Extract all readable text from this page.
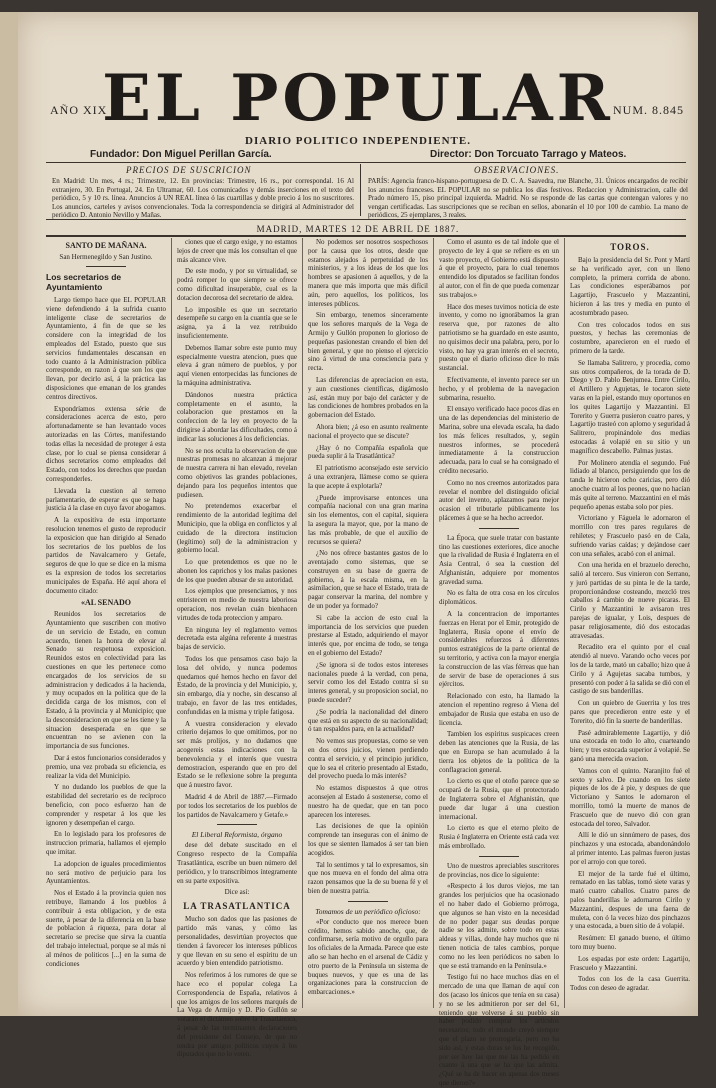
AÑO XIX
EL POPULAR NUM. 8.845
DIARIO POLITICO INDEPENDIENTE.
Fundador: Don Miguel Perillan García.	Director: Don Torcuato Tarrago y Mateos.
PRECIOS DE SUSCRICION
En Madrid: Un mes, 4 rs.; Trimestre, 12. En provincias: Trimestre, 16 rs., por correspondal. 16 Al extranjero, 30. En Portugal, 24. En Ultramar, 60. Los comunicados y demás inserciones en el texto del periódico, 5 y 10 rs. línea. Anuncios á UN REAL línea ó las cuartillas y doble precio á los no suscritores. Los anuncios, carteles y avisos convencionales. Toda la correspondencia se dirigirá al Administrador del periódico D. Antonio Nevillo y Mañas.
OBSERVACIONES.
PARÍS: Agencia franco-hispano-portuguesa de D. C. A. Saavedra, rue Blanche, 31. Únicos encargados de recibir los anuncios franceses. EL POPULAR no se publica los días festivos. Redaccion y Administracion, calle del Prado número 15, piso principal izquierda. Madrid. No se responde de las cartas que contengan valores y no vengan certificadas. Las suscripciones que se reciban en sellos, abonarán el 10 por 100 de cambio. La mano de periódicos, 25 ejemplares, 3 reales.
MADRID, MARTES 12 DE ABRIL DE 1887.
SANTO DE MAÑANA.
San Hermenegildo y San Justino.
Los secretarios de Ayuntamiento

Largo tiempo hace que EL POPULAR viene defendiendo á la sufrida cuanto inteligente clase de secretarios de Ayuntamiento, á fin de que se les considere con la integridad de los empleados del Estado, puesto que sus servicios fundamentales descansan en todo cuanto á la Administracion pública corresponde, en razon á que son los que llevan, por decirlo así, á la práctica las disposiciones que emanan de los grandes centros directivos.

Expondríamos extensa série de consideraciones acerca de esto, pero afortunadamente se han levantado voces autorizadas en las Córtes, manifestando todas ellas la necesidad de proteger á esta clase, por lo cual se piensa considerar á dichos secretarios como empleados del Estado, con todos los derechos que puedan corresponderles.

Llevada la cuestion al terreno parlamentario, de esperar es que se haga justicia á la clase en cuyo favor abogamos.

A la expositiva de esta importante resolucion tenemos el gusto de reproducir la exposicion que han dirigido al Senado los secretarios de los pueblos de los partidos de Navalcarnero y Getafe, seguros de que lo que se dice en la misma es la expresion de todos los secretarios municipales de España. Hé aquí ahora el documento citado:

«AL SENADO

Reunidos los secretarios de Ayuntamiento que suscriben con motivo de un servicio de Estado, en comun acuerdo, tienen la honra de elevar al Senado su respetuosa exposicion. Reunidos estos en colectividad para las cuestiones en que les pertenece como encargados de los servicios de su administracion y dedicados á la hacienda, y muy ocupados en la politica que de la decidida carga de los mismos, con el Estado, á la provincia y al Municipio; que la desconsideracion en que se les tiene y la situacion desesperada en que se encuentran no se avienen con la importancia de sus funciones.

Dar á estos funcionarios considerados y premio, una vez probada su eficiencia, es realizar la vida del Municipio.

Y no dudando los pueblos de que la estabilidad del secretario es de recíproco beneficio, con poco esfuerzo han de comprender y respetar á los que les ignoren y desempeñan el cargo.

En lo legislado para los profesores de instruccion primaria, hallamos el ejemplo que imitar.

La adopcion de iguales procedimientos no será motivo de perjuicio para los Ayuntamientos.

Nos el Estado á la provincia quien nos retribuye, llamando á los pueblos á contribuir á esta obligacion, y de esta suerte, á pesar de la diferencia en la base de poblacion á riqueza, para dotar al secretario se precise que sirva la cuantía del trabajo intelectual, porque se al más ni al ménos de politicos [...] en la suma de condiciones

ciones que el cargo exige, y no estamos lejos de creer que más los consultan el que más alcance vive.

De este modo, y por su virtualidad, se podrá romper lo que siempre se ofrece como dificultad insuperable, cual es la dotacion decorosa del secretario de aldea.

Lo imposible es que un secretario desempeñe su cargo en la cuantía que se le asigna, ya á la vez retribuido insuficientemente.

Debemos llamar sobre este punto muy especialmente vuestra atencion, pues que eleva á gran número de pueblos, y por aquí vienen entorpecidas las funciones de la máquina administrativa.

Dándonos nuestra práctica completamente en el asunto, la colaboracion que prestamos en la confeccion de la ley en proyecto de la dirigirse á abordar las dificultades, como á indicar las soluciones á los deficiencias.

No se nos oculta la observacion de que nuestras promesas no alcanzan á mejorar de nuestra carrera ni han elevado, revelan como objetivos las grandes poblaciones, dejando para los pequeños intentos que pudiesen.

No pretendemos exacerbar el rendimiento de la autoridad legítima del Municipio, que la obliga en conflictos y al cuidado de la directora institucion (legítimo) sol) de la administracion y gobierno local.

Lo que pretendemos es que no le abonen los caprichos y los malas pasiones de los que pueden abusar de su autoridad.

Los ejemplos que presenciamos, y nos entristecen en medio de nuestra laboriosa operacion, nos revelan cuán bienhacen virtudes de toda proteccion y amparo.

En ninguna ley el reglamento vemos decretada esta algúna referente á nuestras bajas de servicio.

Todos los que pensamos caso bajo la losa del olvido, y nunca podemos quedarnos qué hemos hecho en favor del Estado, de la provincia y del Municipio, y, sin embargo, día y noche, sin descanso al trabajo, en favor de las tres entidades, confundidas en la misma y triple fatigosa.

A vuestra consideracion y elevado criterio dejamos lo que omitimos, por no ser más prolijos, y no dudamos que acogereis estas indicaciones con la benevolencia y el interés que vuestra demostracion, esperando que en pro del Estado se le reflexione sobre la pregunta que á nuestro favor.

Madrid 4 de Abril de 1887.—Firmado por todos los secretarios de los pueblos de los partidos de Navalcarnero y Getafe.»

El Liberal Reformista, órgano

dese del debate suscitado en el Congreso respecto de la Compañía Trasatlántica, escribe un buen número del periódico, y lo transcribimos íntegramente en su parte expositiva.

Dice así:
LA TRASATLANTICA

Mucho son dados que las pasiones de partido más vanas, y cómo las personalidades, desvirtúan proyectos que tienden á favorecer los intereses públicos y que llevan en su seno el espíritu de un acuerdo y bien entendido patriotismo.

Nos referimos á los rumores de que se hace eco el popular colega La Correspondencia de España, relativos á que los amigos de los señores marqués de La Vega de Armijo y D. Pío Gullón se votarán el dictámen sobre la Trasatlántica, á pesar de las terminantes declaraciones del presidente del Consejo, de que no tendra por amigos políticos cuyos á los diputados que no lo voten.

No podemos ser nosotros sospechosos por la causa que los otros, desde que estamos alejados á perpetuidad de los ministerios, y a los ideas de los que los hombres se apasionen á aquellos, y de la manera que más importa que más difícil aún, pero aquellos, los políticos, los intereses públicos.

Sin embargo, tenemos sinceramente que los señores marqués de la Vega de Armijo y Gullón proponen lo glorioso de pequeñas pasionestan creando el bien del bien general, y que no pienso el ejercicio sino á virtud de una consciencia para y recta.

Las diferencias de apreciacion en esta, y aun cuestiones científicas, digámoslo así, están muy por bajo del carácter y de las condiciones de hombres probados en la gobernacion del Estado.

Ahora bien; ¿á eso en asunto realmente nacional el proyecto que se discute?

¿Hay ó no Compañía española que pueda suplir á la Trasatlántica?

El patriotismo aconsejado este servicio á una extranjera, llámese como se quiera la que acepte á explotarla?

¿Puede improvisarse entonces una compañía nacional con una gran marina sin los elementos, con el capital, siquiera la asegura la mayor, que, por la mano de las más probable, de que el auxilio de recursos se quiera?

¿No nos ofrece bastantes gastos de lo aventajado como sistemas, que se construyen en su base de guerra de gobierno, á la escala misma, en la asimilacion, que se hace el Estado, trata de pagar conservar la marina, del nombre y de un poder ya formado?

Si cabe la accion de esto cual la importancia de los servicios que pueden prestarse al Estado, adquiriendo el mayor interés que, por encima de todo, se tenga en el gobierno del Estado?

¿Se ignora si de todos estos intereses nacionales puede á la verdad, con pena, servir como los del Estado contra sí su interes general, y su proposicion social, no puede suceder?

¿Se podría la nacionalidad del dinero que está en su aspecto de su nacionalidad; ó tan respaldos para, en la actualidad?

No vemos sus propuestas, como se ven en dos otros juicios, vienen perdiendo contra el servicio, y el principio jurídico, que lo sea el criterio presentado al Estado, del provecho pueda lo más interés?

No estamos dispuestos á que otros aconsejen al Estado á sostenerse, como el nuestro ha de quedar, que en tan poco aparecen los intereses.

Las decisiones de que la opinión comprende tan inseguras con el ánimo de los que se sienten llamados á ser tan bien acogidos.

Tal lo sentimos y tal lo expresamos, sin que nos mueva en el fondo del alma otra razon pensamos que la de su buena fé y el bien de nuestra patria.

Tomamos de un periódico oficioso:

«Por conducto que nos merece buen crédito, hemos sabido anoche, que, de confirmarse, sería motivo de orgullo para los oficiales de la Armada. Parece que este año se han hecho en el arsenal de Cádiz y otro puerto de la Península un sistema de buques nuevos, y que es una de las organizaciones para la construccion de embarcaciones.»

Como el asunto es de tal índole que el proyecto de ley á que se refiere es en un vasto proyecto, el Gobierno está dispuesto á que el proyecto, para lo cual tenemos entendido los diputados se facilitan fondos al autor, con el fin de que pueda comenzar sus trabajos.»

Hace dos meses tuvimos noticia de este invento, y como no ignorábamos la gran reserva que, por razones de alto patriotismo se ha guardado en este asunto, no quisimos decir una palabra, pero, por lo visto, no hay ya gran interés en el secreto, puesto que el diario oficioso dice lo más sustancial.

Efectivamente, el invento parece ser un hecho, y el problema de la navegacion submarina, resuelto.

El ensayo verificado hace pocos días en una de las dependencias del ministerio de Marina, sobre una elevada escala, ha dado los más felices resultados, y, según nuestros informes, se procederá inmediatamente á la construccion adecuada, para lo cual se ha consignado el crédito necesario.

Como no nos creemos autorizados para revelar el nombre del distinguido oficial autor del invento, aplazamos para mejor ocasion el tributarle públicamente los plácemes á que se ha hecho acreedor.

La Época, que suele tratar con bastante tino las cuestiones exteriores, dice anoche que la rivalidad de Rusia é Inglaterra en el Asia Central, ó sea la cuestion del Afghanistán, adquiere por momentos gravedad suma.

No es falta de otra cosa en los círculos diplomáticos.

A la concentracion de importantes fuerzas en Herat por el Emir, protegido de Inglaterra, Rusia opone el envío de considerables refuerzos á diferentes puntos estratégicos de la parte oriental de su territorio, y activa con la mayor energía la construccion de las vías férreas que han de servir de base de operaciones á sus ejércitos.

Relacionado con esto, ha llamado la atencion el repentino regreso á Viena del embajador de Rusia que estaba en uso de licencia.

Tambien los espíritus suspicaces creen deben las atenciones que la Rusia, de las que en Europa se han acumulado á la tierra los objetos de la política de la conflagracion general.

Lo cierto es que el otoño parece que se ocupará de la Rusia, que el protectorado de Inglaterra sobre el Afghanistán, que puede dar lugar á una cuestion internacional.

Lo cierto es que el eterno pleito de Rusia é Inglaterra en Oriente está cada vez más embrollado.

Uno de nuestros apreciables suscritores de provincias, nos dice lo siguiente:

«Respecto á los duros viejos, me tan grandes los perjuicios que ha ocasionado el no haber dado el Gobierno prórroga, que algunos se han visto en la necesidad de no poder pagar sus deudas porque nadie se los admite, sobre todo en estas aldeas y villas, donde hay muchos que ni tienen noticia de tales cambios, porque como no les leen periódicos no saben lo que se está tramando en la Península.»

Testigo fui no hace muchos días en el mercado de una que llaman de aquí con dos (acaso los únicos que tenía en su casa) y no se les admitieron por ser del 61, teniendo que volverse á su pueblo sin haber podido comprar los artículos necesarios; todo el mundo creyó siempre que el plazo se prorrogaría, pero no ha sido así, y estas duras se los he recogido, por ser hoy las que me las ha pedido en cuanto á una que se ha que las admita. ¿Qué se ha de hacer en apenas dos meses que dieron?»

TOROS.

Bajo la presidencia del Sr. Pont y Martí se ha verificado ayer, con un lleno completo, la primera corrida de abono. Las condiciones esperábamos por Lagartijo, Frascuelo y Mazzantini, hicieron á las tres y media en punto el acostumbrado paseo.

Con tres colocados todos en sus puestos, y hechas las ceremonias de costumbre, aparecieron en el ruedo el primero de la tarde.

Se llamaba Salitrero, y procedía, como sus otros compañeros, de la torada de D. Diego y D. Pablo Benjumea. Entre Cirilo, el Artillero y Agujetas, le tocaron siete varas en la piel, estando muy oportunos en los quites Lagartijo y Mazzantini. El Torerito y Guerra pusieron cuatro pares, y Lagartijo trasteó con aplomo y seguridad á Salitrero, propinándole dos medias estocadas á volapié en su sitio y un magnífico descabello. Palmas justas.

Por Molinero atendía el segundo. Fué lidiado al blanco, persiguiendo que los de tanda le hicieron ocho caricias, pero dió anoche cuatro al los peones, que no hacían más quite al terreno. Mazzantini en el más pequeño apenas estaba solo por pies.

Victoriano y Fáguela le adornaron el morrillo con tres pares regulares de rehiletes; y Frascuelo pasó en de Cala, sufriendo varias caídas; y dejándose caer con una señales, acabó con el animal.

Con una herida en el brazuelo derecho, salió al tercero. Sus vinieron con Serrano, y juró partidas de su pinta le de la tarde, proporcionándose costeando, mezcló tres caballos á cambio de nueve picaras. El Cirilo y Mazzantini le avisaron tres parejas de igualar, y Lois, despues de pasar religiosamente, dió dos estocadas atravesadas.

Recadito era el quinto por el cual atendió al nuevo. Varando ocho veces por los de la tarde, mató un caballo; hizo que á Cirilo y á Agujetas sacaba tumbos, y presentó con poder á la salida se dió con el castigo de sus banderillas.

Con un quiebro de Guerrita y los tres pares que precedieron entre este y el Torerito, dió fin la suerte de banderillas.

Pasé admirablemente Lagartijo, y dió una estocada en todo lo alto, cuarteando bien; y tres estocada superior á volapié. Se ganó una merecida ovacion.

Vamos con el quinto. Naranjito fué el sexto y salvo. De cuando en los siete piques de los de á pie, y despues de que Victoriano y Santos le adornaron el morrillo, tomó la muerte de manos de Frascuelo que de nuevo dió con gran estocada del toreo, Salvador.

Allí le dió un sinnúmero de pases, dos pinchazos y una estocada, abandonándolo al primer intento. Las palmas fueron justas por el arrojo con que toreó.

El mejor de la tarde fué el último, rematado en las tablas, tomó siete varas y mató cuatro caballos. Cuatro pares de palos banderillas le adornaron Cirilo y Mazzantini, despues de una faena de muleta, con ó la veces hizo dos pinchazos y una estocada, a buen sitio de á volapié.

Resúmen: El ganado bueno, el último toro muy bueno.

Los espadas por este orden: Lagartijo, Frascuelo y Mazzantini.

Todos con los de la casa Guerrita. Todos con deseo de agradar.
